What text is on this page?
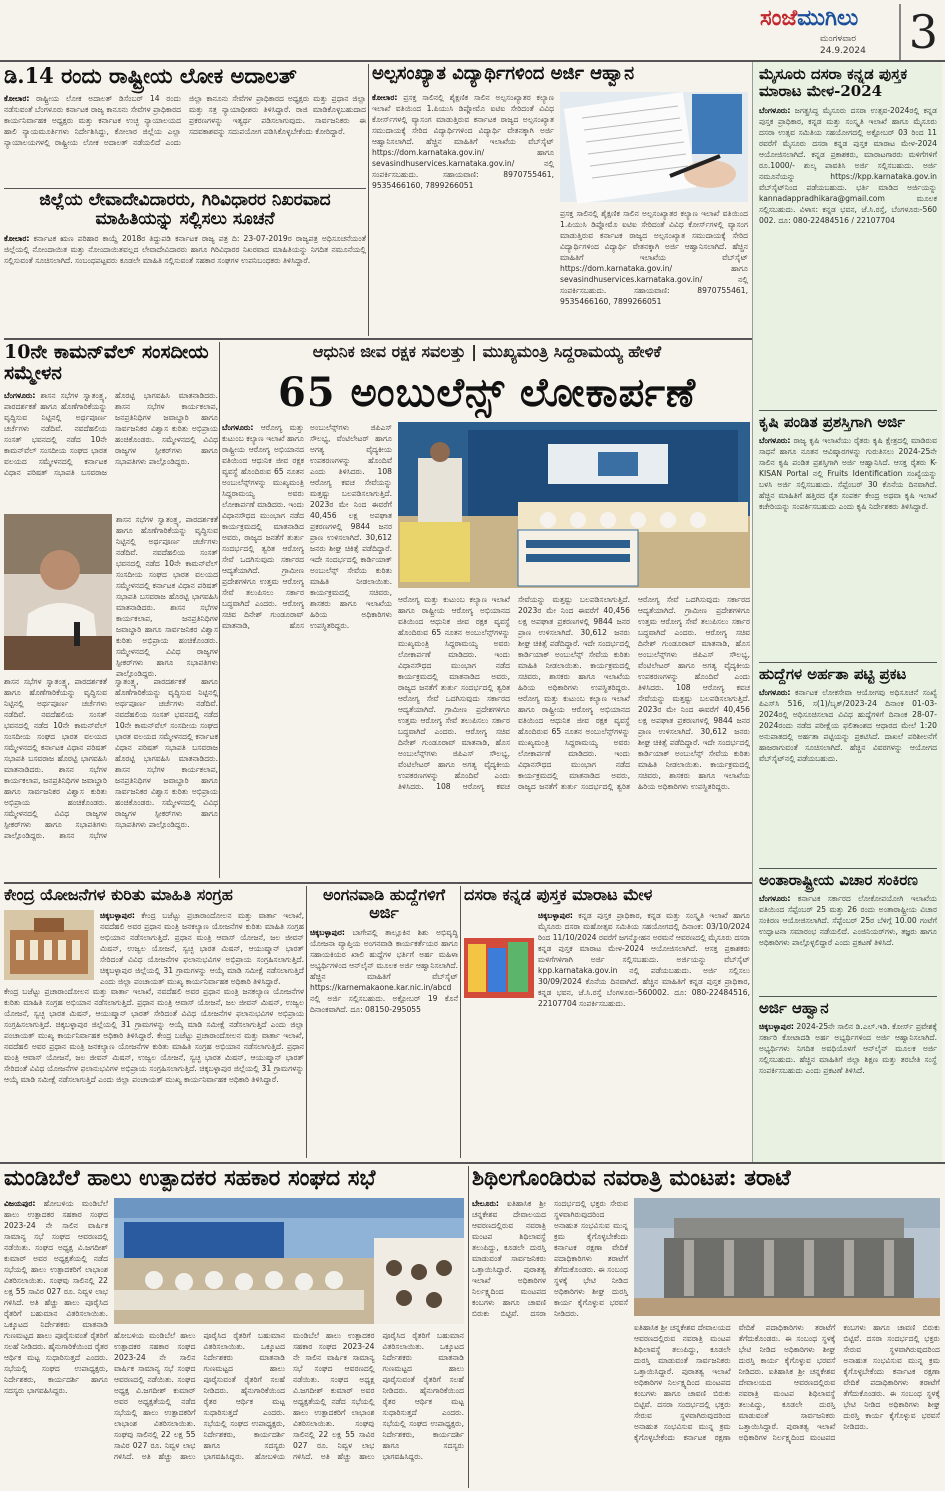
ಸಂಜೆಮುಗಿಲು
ಮಂಗಳವಾರ
24.9.2024 3
ಡಿ.14 ರಂದು ರಾಷ್ಟ್ರೀಯ ಲೋಕ ಅದಾಲತ್
ಕೋಲಾರ: ರಾಷ್ಟ್ರೀಯ ಲೋಕ ಅದಾಲತ್ ಡಿಸೆಂಬರ್ 14 ರಂದು ನಡೆಸುವಂತೆ ಬೆಂಗಳೂರು ಕರ್ನಾಟಕ ರಾಜ್ಯ ಕಾನೂನು ಸೇವೆಗಳ ಪ್ರಾಧಿಕಾರದ ಕಾರ್ಯನಿರ್ವಾಹಕ ಅಧ್ಯಕ್ಷರು ಮತ್ತು ಕರ್ನಾಟಕ ಉಚ್ಛ ನ್ಯಾಯಾಲಯದ ಹಾಲಿ ನ್ಯಾಯಮೂರ್ತಿಗಳು ನಿರ್ದೇಶಿಸಿದ್ದು, ಕೋಲಾರ ಜಿಲ್ಲೆಯ ಎಲ್ಲಾ ನ್ಯಾಯಾಲಯಗಳಲ್ಲಿ ರಾಷ್ಟ್ರೀಯ ಲೋಕ ಅದಾಲತ್ ನಡೆಯಲಿದೆ ಎಂದು ಜಿಲ್ಲಾ ಕಾನೂನು ಸೇವೆಗಳ ಪ್ರಾಧಿಕಾರದ ಅಧ್ಯಕ್ಷರು ಮತ್ತು ಪ್ರಧಾನ ಜಿಲ್ಲಾ ಮತ್ತು ಸತ್ರ ನ್ಯಾಯಾಧೀಶರು ತಿಳಿಸಿದ್ದಾರೆ. ರಾಜಿ ಮಾಡಿಕೊಳ್ಳಬಹುದಾದ ಪ್ರಕರಣಗಳನ್ನು ಇತ್ಯರ್ಥ ಪಡಿಸಲಾಗುವುದು. ಸಾರ್ವಜನಿಕರು ಈ ಸದವಕಾಶವನ್ನು ಸದುಪಯೋಗ ಪಡಿಸಿಕೊಳ್ಳಬೇಕೆಂದು ಕೋರಿದ್ದಾರೆ.
ಜಿಲ್ಲೆಯ ಲೇವಾದೇವಿದಾರರು, ಗಿರಿವಿಧಾರರ ನಿಖರವಾದ ಮಾಹಿತಿಯನ್ನು ಸಲ್ಲಿಸಲು ಸೂಚನೆ
ಕೋಲಾರ: ಕರ್ನಾಟಕ ಋಣ ಪರಿಹಾರ ಕಾಯ್ದೆ 2018ರ ತಿದ್ದುಪಡಿ ಕರ್ನಾಟಕ ರಾಜ್ಯ ಪತ್ರ ದಿ: 23-07-2019ರ ರಾಜ್ಯಪತ್ರ ಅಧಿಸೂಚನೆಯಂತೆ ಜಿಲ್ಲೆಯಲ್ಲಿ ನೋಂದಾಯಿತ ಮತ್ತು ನೋಂದಾಯಿತವಲ್ಲದ ಲೇವಾದೇವಿದಾರರು ಹಾಗೂ ಗಿರಿವಿಧಾರರ ನಿಖರವಾದ ಮಾಹಿತಿಯನ್ನು ನಿಗದಿತ ನಮೂನೆಯಲ್ಲಿ ಸಲ್ಲಿಸುವಂತೆ ಸೂಚಿಸಲಾಗಿದೆ. ಸಂಬಂಧಪಟ್ಟವರು ಕೂಡಲೇ ಮಾಹಿತಿ ಸಲ್ಲಿಸುವಂತೆ ಸಹಕಾರ ಸಂಘಗಳ ಉಪನಿಬಂಧಕರು ತಿಳಿಸಿದ್ದಾರೆ.
ಅಲ್ಪಸಂಖ್ಯಾತ ವಿದ್ಯಾರ್ಥಿಗಳಿಂದ ಅರ್ಜಿ ಆಹ್ವಾನ
ಕೋಲಾರ: ಪ್ರಸಕ್ತ ಸಾಲಿನಲ್ಲಿ ಶೈಕ್ಷಣಿಕ ಸಾಲಿನ ಅಲ್ಪಸಂಖ್ಯಾತರ ಕಲ್ಯಾಣ ಇಲಾಖೆ ವತಿಯಿಂದ 1.ಪಿಯುಸಿ ಡಿಪ್ಲೋಮೊ ಐಟಿಐ ಸೇರಿದಂತೆ ವಿವಿಧ ಕೋರ್ಸ್‌ಗಳಲ್ಲಿ ವ್ಯಾಸಂಗ ಮಾಡುತ್ತಿರುವ ಕರ್ನಾಟಕ ರಾಜ್ಯದ ಅಲ್ಪಸಂಖ್ಯಾತ ಸಮುದಾಯಕ್ಕೆ ಸೇರಿದ ವಿದ್ಯಾರ್ಥಿಗಳಿಂದ ವಿದ್ಯಾರ್ಥಿ ವೇತನಕ್ಕಾಗಿ ಅರ್ಜಿ ಆಹ್ವಾನಿಸಲಾಗಿದೆ. ಹೆಚ್ಚಿನ ಮಾಹಿತಿಗೆ ಇಲಾಖೆಯ ವೆಬ್‌ಸೈಟ್ https://dom.karnataka.gov.in/ ಹಾಗೂ sevasindhuservices.karnataka.gov.in/ ನಲ್ಲಿ ಸಂಪರ್ಕಿಸಬಹುದು. ಸಹಾಯವಾಣಿ: 8970755461, 9535466160, 7899266051
ಪ್ರಸಕ್ತ ಸಾಲಿನಲ್ಲಿ ಶೈಕ್ಷಣಿಕ ಸಾಲಿನ ಅಲ್ಪಸಂಖ್ಯಾತರ ಕಲ್ಯಾಣ ಇಲಾಖೆ ವತಿಯಿಂದ 1.ಪಿಯುಸಿ ಡಿಪ್ಲೋಮೊ ಐಟಿಐ ಸೇರಿದಂತೆ ವಿವಿಧ ಕೋರ್ಸ್‌ಗಳಲ್ಲಿ ವ್ಯಾಸಂಗ ಮಾಡುತ್ತಿರುವ ಕರ್ನಾಟಕ ರಾಜ್ಯದ ಅಲ್ಪಸಂಖ್ಯಾತ ಸಮುದಾಯಕ್ಕೆ ಸೇರಿದ ವಿದ್ಯಾರ್ಥಿಗಳಿಂದ ವಿದ್ಯಾರ್ಥಿ ವೇತನಕ್ಕಾಗಿ ಅರ್ಜಿ ಆಹ್ವಾನಿಸಲಾಗಿದೆ. ಹೆಚ್ಚಿನ ಮಾಹಿತಿಗೆ ಇಲಾಖೆಯ ವೆಬ್‌ಸೈಟ್ https://dom.karnataka.gov.in/ ಹಾಗೂ sevasindhuservices.karnataka.gov.in/ ನಲ್ಲಿ ಸಂಪರ್ಕಿಸಬಹುದು. ಸಹಾಯವಾಣಿ: 8970755461, 9535466160, 7899266051
10ನೇ ಕಾಮನ್‌ವೆಲ್ ಸಂಸದೀಯ ಸಮ್ಮೇಳನ
ಬೆಂಗಳೂರು: ಶಾಸನ ಸಭೆಗಳ ಸ್ವಾತಂತ್ರ್ಯ, ಪಾರದರ್ಶಕತೆ ಹಾಗೂ ಹೊಣೆಗಾರಿಕೆಯನ್ನು ವೃದ್ಧಿಸುವ ನಿಟ್ಟಿನಲ್ಲಿ ಅರ್ಥಪೂರ್ಣ ಚರ್ಚೆಗಳು ನಡೆದಿವೆ. ನವದೆಹಲಿಯ ಸಂಸತ್ ಭವನದಲ್ಲಿ ನಡೆದ 10ನೇ ಕಾಮನ್‌ವೆಲ್ ಸಂಸದೀಯ ಸಂಘದ ಭಾರತ ವಲಯದ ಸಮ್ಮೇಳನದಲ್ಲಿ ಕರ್ನಾಟಕ ವಿಧಾನ ಪರಿಷತ್ ಸಭಾಪತಿ ಬಸವರಾಜ ಹೊರಟ್ಟಿ ಭಾಗವಹಿಸಿ ಮಾತನಾಡಿದರು. ಶಾಸನ ಸಭೆಗಳ ಕಾರ್ಯಕಲಾಪ, ಜನಪ್ರತಿನಿಧಿಗಳ ಜವಾಬ್ದಾರಿ ಹಾಗೂ ಸಾರ್ವಜನಿಕರ ವಿಶ್ವಾಸ ಕುರಿತು ಅಭಿಪ್ರಾಯ ಹಂಚಿಕೊಂಡರು. ಸಮ್ಮೇಳನದಲ್ಲಿ ವಿವಿಧ ರಾಜ್ಯಗಳ ಸ್ಪೀಕರ್‌ಗಳು ಹಾಗೂ ಸಭಾಪತಿಗಳು ಪಾಲ್ಗೊಂಡಿದ್ದರು.
ಶಾಸನ ಸಭೆಗಳ ಸ್ವಾತಂತ್ರ್ಯ, ಪಾರದರ್ಶಕತೆ ಹಾಗೂ ಹೊಣೆಗಾರಿಕೆಯನ್ನು ವೃದ್ಧಿಸುವ ನಿಟ್ಟಿನಲ್ಲಿ ಅರ್ಥಪೂರ್ಣ ಚರ್ಚೆಗಳು ನಡೆದಿವೆ. ನವದೆಹಲಿಯ ಸಂಸತ್ ಭವನದಲ್ಲಿ ನಡೆದ 10ನೇ ಕಾಮನ್‌ವೆಲ್ ಸಂಸದೀಯ ಸಂಘದ ಭಾರತ ವಲಯದ ಸಮ್ಮೇಳನದಲ್ಲಿ ಕರ್ನಾಟಕ ವಿಧಾನ ಪರಿಷತ್ ಸಭಾಪತಿ ಬಸವರಾಜ ಹೊರಟ್ಟಿ ಭಾಗವಹಿಸಿ ಮಾತನಾಡಿದರು. ಶಾಸನ ಸಭೆಗಳ ಕಾರ್ಯಕಲಾಪ, ಜನಪ್ರತಿನಿಧಿಗಳ ಜವಾಬ್ದಾರಿ ಹಾಗೂ ಸಾರ್ವಜನಿಕರ ವಿಶ್ವಾಸ ಕುರಿತು ಅಭಿಪ್ರಾಯ ಹಂಚಿಕೊಂಡರು. ಸಮ್ಮೇಳನದಲ್ಲಿ ವಿವಿಧ ರಾಜ್ಯಗಳ ಸ್ಪೀಕರ್‌ಗಳು ಹಾಗೂ ಸಭಾಪತಿಗಳು ಪಾಲ್ಗೊಂಡಿದ್ದರು.
ಶಾಸನ ಸಭೆಗಳ ಸ್ವಾತಂತ್ರ್ಯ, ಪಾರದರ್ಶಕತೆ ಹಾಗೂ ಹೊಣೆಗಾರಿಕೆಯನ್ನು ವೃದ್ಧಿಸುವ ನಿಟ್ಟಿನಲ್ಲಿ ಅರ್ಥಪೂರ್ಣ ಚರ್ಚೆಗಳು ನಡೆದಿವೆ. ನವದೆಹಲಿಯ ಸಂಸತ್ ಭವನದಲ್ಲಿ ನಡೆದ 10ನೇ ಕಾಮನ್‌ವೆಲ್ ಸಂಸದೀಯ ಸಂಘದ ಭಾರತ ವಲಯದ ಸಮ್ಮೇಳನದಲ್ಲಿ ಕರ್ನಾಟಕ ವಿಧಾನ ಪರಿಷತ್ ಸಭಾಪತಿ ಬಸವರಾಜ ಹೊರಟ್ಟಿ ಭಾಗವಹಿಸಿ ಮಾತನಾಡಿದರು. ಶಾಸನ ಸಭೆಗಳ ಕಾರ್ಯಕಲಾಪ, ಜನಪ್ರತಿನಿಧಿಗಳ ಜವಾಬ್ದಾರಿ ಹಾಗೂ ಸಾರ್ವಜನಿಕರ ವಿಶ್ವಾಸ ಕುರಿತು ಅಭಿಪ್ರಾಯ ಹಂಚಿಕೊಂಡರು. ಸಮ್ಮೇಳನದಲ್ಲಿ ವಿವಿಧ ರಾಜ್ಯಗಳ ಸ್ಪೀಕರ್‌ಗಳು ಹಾಗೂ ಸಭಾಪತಿಗಳು ಪಾಲ್ಗೊಂಡಿದ್ದರು. ಶಾಸನ ಸಭೆಗಳ ಸ್ವಾತಂತ್ರ್ಯ, ಪಾರದರ್ಶಕತೆ ಹಾಗೂ ಹೊಣೆಗಾರಿಕೆಯನ್ನು ವೃದ್ಧಿಸುವ ನಿಟ್ಟಿನಲ್ಲಿ ಅರ್ಥಪೂರ್ಣ ಚರ್ಚೆಗಳು ನಡೆದಿವೆ. ನವದೆಹಲಿಯ ಸಂಸತ್ ಭವನದಲ್ಲಿ ನಡೆದ 10ನೇ ಕಾಮನ್‌ವೆಲ್ ಸಂಸದೀಯ ಸಂಘದ ಭಾರತ ವಲಯದ ಸಮ್ಮೇಳನದಲ್ಲಿ ಕರ್ನಾಟಕ ವಿಧಾನ ಪರಿಷತ್ ಸಭಾಪತಿ ಬಸವರಾಜ ಹೊರಟ್ಟಿ ಭಾಗವಹಿಸಿ ಮಾತನಾಡಿದರು. ಶಾಸನ ಸಭೆಗಳ ಕಾರ್ಯಕಲಾಪ, ಜನಪ್ರತಿನಿಧಿಗಳ ಜವಾಬ್ದಾರಿ ಹಾಗೂ ಸಾರ್ವಜನಿಕರ ವಿಶ್ವಾಸ ಕುರಿತು ಅಭಿಪ್ರಾಯ ಹಂಚಿಕೊಂಡರು. ಸಮ್ಮೇಳನದಲ್ಲಿ ವಿವಿಧ ರಾಜ್ಯಗಳ ಸ್ಪೀಕರ್‌ಗಳು ಹಾಗೂ ಸಭಾಪತಿಗಳು ಪಾಲ್ಗೊಂಡಿದ್ದರು.
ಆಧುನಿಕ ಜೀವ ರಕ್ಷಕ ಸವಲತ್ತು | ಮುಖ್ಯಮಂತ್ರಿ ಸಿದ್ದರಾಮಯ್ಯ ಹೇಳಿಕೆ
65 ಅಂಬುಲೆನ್ಸ್ ಲೋಕಾರ್ಪಣೆ
ಬೆಂಗಳೂರು: ಆರೋಗ್ಯ ಮತ್ತು ಕುಟುಂಬ ಕಲ್ಯಾಣ ಇಲಾಖೆ ಹಾಗೂ ರಾಷ್ಟ್ರೀಯ ಆರೋಗ್ಯ ಅಭಿಯಾನದ ವತಿಯಿಂದ ಆಧುನಿಕ ಜೀವ ರಕ್ಷಕ ವ್ಯವಸ್ಥೆ ಹೊಂದಿರುವ 65 ನೂತನ ಅಂಬುಲೆನ್ಸ್‌ಗಳನ್ನು ಮುಖ್ಯಮಂತ್ರಿ ಸಿದ್ದರಾಮಯ್ಯ ಅವರು ಲೋಕಾರ್ಪಣೆ ಮಾಡಿದರು. ಇಂದು ವಿಧಾನಸೌಧದ ಮುಂಭಾಗ ನಡೆದ ಕಾರ್ಯಕ್ರಮದಲ್ಲಿ ಮಾತನಾಡಿದ ಅವರು, ರಾಜ್ಯದ ಜನತೆಗೆ ತುರ್ತು ಸಂದರ್ಭದಲ್ಲಿ ತ್ವರಿತ ಆರೋಗ್ಯ ಸೇವೆ ಒದಗಿಸುವುದು ಸರ್ಕಾರದ ಆದ್ಯತೆಯಾಗಿದೆ. ಗ್ರಾಮೀಣ ಪ್ರದೇಶಗಳಿಗೂ ಉತ್ತಮ ಆರೋಗ್ಯ ಸೇವೆ ತಲುಪಿಸಲು ಸರ್ಕಾರ ಬದ್ಧವಾಗಿದೆ ಎಂದರು. ಆರೋಗ್ಯ ಸಚಿವ ದಿನೇಶ್ ಗುಂಡೂರಾವ್ ಮಾತನಾಡಿ, ಹೊಸ ಅಂಬುಲೆನ್ಸ್‌ಗಳು ಜಿಪಿಎಸ್ ಸೌಲಭ್ಯ, ವೆಂಟಿಲೇಟರ್ ಹಾಗೂ ಅಗತ್ಯ ವೈದ್ಯಕೀಯ ಉಪಕರಣಗಳನ್ನು ಹೊಂದಿವೆ ಎಂದು ತಿಳಿಸಿದರು. 108 ಆರೋಗ್ಯ ಕವಚ ಸೇವೆಯನ್ನು ಮತ್ತಷ್ಟು ಬಲಪಡಿಸಲಾಗುತ್ತಿದೆ. 2023ರ ಮೇ ನಿಂದ ಈವರೆಗೆ 40,456 ಲಕ್ಷ ಅಪಘಾತ ಪ್ರಕರಣಗಳಲ್ಲಿ 9844 ಜನರ ಪ್ರಾಣ ಉಳಿಸಲಾಗಿದೆ. 30,612 ಜನರು ಶೀಘ್ರ ಚಿಕಿತ್ಸೆ ಪಡೆದಿದ್ದಾರೆ. ಇದೇ ಸಂದರ್ಭದಲ್ಲಿ ಕಾರ್ಡಿಯಾಕ್ ಅಂಬುಲೆನ್ಸ್ ಸೇವೆಯ ಕುರಿತು ಮಾಹಿತಿ ನೀಡಲಾಯಿತು. ಕಾರ್ಯಕ್ರಮದಲ್ಲಿ ಸಚಿವರು, ಶಾಸಕರು ಹಾಗೂ ಇಲಾಖೆಯ ಹಿರಿಯ ಅಧಿಕಾರಿಗಳು ಉಪಸ್ಥಿತರಿದ್ದರು.
ಆರೋಗ್ಯ ಮತ್ತು ಕುಟುಂಬ ಕಲ್ಯಾಣ ಇಲಾಖೆ ಹಾಗೂ ರಾಷ್ಟ್ರೀಯ ಆರೋಗ್ಯ ಅಭಿಯಾನದ ವತಿಯಿಂದ ಆಧುನಿಕ ಜೀವ ರಕ್ಷಕ ವ್ಯವಸ್ಥೆ ಹೊಂದಿರುವ 65 ನೂತನ ಅಂಬುಲೆನ್ಸ್‌ಗಳನ್ನು ಮುಖ್ಯಮಂತ್ರಿ ಸಿದ್ದರಾಮಯ್ಯ ಅವರು ಲೋಕಾರ್ಪಣೆ ಮಾಡಿದರು. ಇಂದು ವಿಧಾನಸೌಧದ ಮುಂಭಾಗ ನಡೆದ ಕಾರ್ಯಕ್ರಮದಲ್ಲಿ ಮಾತನಾಡಿದ ಅವರು, ರಾಜ್ಯದ ಜನತೆಗೆ ತುರ್ತು ಸಂದರ್ಭದಲ್ಲಿ ತ್ವರಿತ ಆರೋಗ್ಯ ಸೇವೆ ಒದಗಿಸುವುದು ಸರ್ಕಾರದ ಆದ್ಯತೆಯಾಗಿದೆ. ಗ್ರಾಮೀಣ ಪ್ರದೇಶಗಳಿಗೂ ಉತ್ತಮ ಆರೋಗ್ಯ ಸೇವೆ ತಲುಪಿಸಲು ಸರ್ಕಾರ ಬದ್ಧವಾಗಿದೆ ಎಂದರು. ಆರೋಗ್ಯ ಸಚಿವ ದಿನೇಶ್ ಗುಂಡೂರಾವ್ ಮಾತನಾಡಿ, ಹೊಸ ಅಂಬುಲೆನ್ಸ್‌ಗಳು ಜಿಪಿಎಸ್ ಸೌಲಭ್ಯ, ವೆಂಟಿಲೇಟರ್ ಹಾಗೂ ಅಗತ್ಯ ವೈದ್ಯಕೀಯ ಉಪಕರಣಗಳನ್ನು ಹೊಂದಿವೆ ಎಂದು ತಿಳಿಸಿದರು. 108 ಆರೋಗ್ಯ ಕವಚ ಸೇವೆಯನ್ನು ಮತ್ತಷ್ಟು ಬಲಪಡಿಸಲಾಗುತ್ತಿದೆ. 2023ರ ಮೇ ನಿಂದ ಈವರೆಗೆ 40,456 ಲಕ್ಷ ಅಪಘಾತ ಪ್ರಕರಣಗಳಲ್ಲಿ 9844 ಜನರ ಪ್ರಾಣ ಉಳಿಸಲಾಗಿದೆ. 30,612 ಜನರು ಶೀಘ್ರ ಚಿಕಿತ್ಸೆ ಪಡೆದಿದ್ದಾರೆ. ಇದೇ ಸಂದರ್ಭದಲ್ಲಿ ಕಾರ್ಡಿಯಾಕ್ ಅಂಬುಲೆನ್ಸ್ ಸೇವೆಯ ಕುರಿತು ಮಾಹಿತಿ ನೀಡಲಾಯಿತು. ಕಾರ್ಯಕ್ರಮದಲ್ಲಿ ಸಚಿವರು, ಶಾಸಕರು ಹಾಗೂ ಇಲಾಖೆಯ ಹಿರಿಯ ಅಧಿಕಾರಿಗಳು ಉಪಸ್ಥಿತರಿದ್ದರು. ಆರೋಗ್ಯ ಮತ್ತು ಕುಟುಂಬ ಕಲ್ಯಾಣ ಇಲಾಖೆ ಹಾಗೂ ರಾಷ್ಟ್ರೀಯ ಆರೋಗ್ಯ ಅಭಿಯಾನದ ವತಿಯಿಂದ ಆಧುನಿಕ ಜೀವ ರಕ್ಷಕ ವ್ಯವಸ್ಥೆ ಹೊಂದಿರುವ 65 ನೂತನ ಅಂಬುಲೆನ್ಸ್‌ಗಳನ್ನು ಮುಖ್ಯಮಂತ್ರಿ ಸಿದ್ದರಾಮಯ್ಯ ಅವರು ಲೋಕಾರ್ಪಣೆ ಮಾಡಿದರು. ಇಂದು ವಿಧಾನಸೌಧದ ಮುಂಭಾಗ ನಡೆದ ಕಾರ್ಯಕ್ರಮದಲ್ಲಿ ಮಾತನಾಡಿದ ಅವರು, ರಾಜ್ಯದ ಜನತೆಗೆ ತುರ್ತು ಸಂದರ್ಭದಲ್ಲಿ ತ್ವರಿತ ಆರೋಗ್ಯ ಸೇವೆ ಒದಗಿಸುವುದು ಸರ್ಕಾರದ ಆದ್ಯತೆಯಾಗಿದೆ. ಗ್ರಾಮೀಣ ಪ್ರದೇಶಗಳಿಗೂ ಉತ್ತಮ ಆರೋಗ್ಯ ಸೇವೆ ತಲುಪಿಸಲು ಸರ್ಕಾರ ಬದ್ಧವಾಗಿದೆ ಎಂದರು. ಆರೋಗ್ಯ ಸಚಿವ ದಿನೇಶ್ ಗುಂಡೂರಾವ್ ಮಾತನಾಡಿ, ಹೊಸ ಅಂಬುಲೆನ್ಸ್‌ಗಳು ಜಿಪಿಎಸ್ ಸೌಲಭ್ಯ, ವೆಂಟಿಲೇಟರ್ ಹಾಗೂ ಅಗತ್ಯ ವೈದ್ಯಕೀಯ ಉಪಕರಣಗಳನ್ನು ಹೊಂದಿವೆ ಎಂದು ತಿಳಿಸಿದರು. 108 ಆರೋಗ್ಯ ಕವಚ ಸೇವೆಯನ್ನು ಮತ್ತಷ್ಟು ಬಲಪಡಿಸಲಾಗುತ್ತಿದೆ. 2023ರ ಮೇ ನಿಂದ ಈವರೆಗೆ 40,456 ಲಕ್ಷ ಅಪಘಾತ ಪ್ರಕರಣಗಳಲ್ಲಿ 9844 ಜನರ ಪ್ರಾಣ ಉಳಿಸಲಾಗಿದೆ. 30,612 ಜನರು ಶೀಘ್ರ ಚಿಕಿತ್ಸೆ ಪಡೆದಿದ್ದಾರೆ. ಇದೇ ಸಂದರ್ಭದಲ್ಲಿ ಕಾರ್ಡಿಯಾಕ್ ಅಂಬುಲೆನ್ಸ್ ಸೇವೆಯ ಕುರಿತು ಮಾಹಿತಿ ನೀಡಲಾಯಿತು. ಕಾರ್ಯಕ್ರಮದಲ್ಲಿ ಸಚಿವರು, ಶಾಸಕರು ಹಾಗೂ ಇಲಾಖೆಯ ಹಿರಿಯ ಅಧಿಕಾರಿಗಳು ಉಪಸ್ಥಿತರಿದ್ದರು.
ಕೇಂದ್ರ ಯೋಜನೆಗಳ ಕುರಿತು ಮಾಹಿತಿ ಸಂಗ್ರಹ
ಚಿಕ್ಕಬಳ್ಳಾಪುರ: ಕೇಂದ್ರ ಬಜೆಟ್ಟು ಪ್ರಚಾರಾಂದೋಲನ ಮತ್ತು ವಾರ್ತಾ ಇಲಾಖೆ, ನವದೆಹಲಿ ಅವರ ಪ್ರಧಾನ ಮಂತ್ರಿ ಜನಕಲ್ಯಾಣ ಯೋಜನೆಗಳ ಕುರಿತು ಮಾಹಿತಿ ಸಂಗ್ರಹ ಅಭಿಯಾನ ನಡೆಸಲಾಗುತ್ತಿದೆ. ಪ್ರಧಾನ ಮಂತ್ರಿ ಆವಾಸ್ ಯೋಜನೆ, ಜಲ ಜೀವನ್ ಮಿಷನ್, ಉಜ್ವಲ ಯೋಜನೆ, ಸ್ವಚ್ಛ ಭಾರತ ಮಿಷನ್, ಆಯುಷ್ಮಾನ್ ಭಾರತ್ ಸೇರಿದಂತೆ ವಿವಿಧ ಯೋಜನೆಗಳ ಫಲಾನುಭವಿಗಳ ಅಭಿಪ್ರಾಯ ಸಂಗ್ರಹಿಸಲಾಗುತ್ತಿದೆ. ಚಿಕ್ಕಬಳ್ಳಾಪುರ ಜಿಲ್ಲೆಯಲ್ಲಿ 31 ಗ್ರಾಮಗಳನ್ನು ಆಯ್ಕೆ ಮಾಡಿ ಸಮೀಕ್ಷೆ ನಡೆಸಲಾಗುತ್ತಿದೆ ಎಂದು ಜಿಲ್ಲಾ ಪಂಚಾಯತ್ ಮುಖ್ಯ ಕಾರ್ಯನಿರ್ವಾಹಕ ಅಧಿಕಾರಿ ತಿಳಿಸಿದ್ದಾರೆ.
ಕೇಂದ್ರ ಬಜೆಟ್ಟು ಪ್ರಚಾರಾಂದೋಲನ ಮತ್ತು ವಾರ್ತಾ ಇಲಾಖೆ, ನವದೆಹಲಿ ಅವರ ಪ್ರಧಾನ ಮಂತ್ರಿ ಜನಕಲ್ಯಾಣ ಯೋಜನೆಗಳ ಕುರಿತು ಮಾಹಿತಿ ಸಂಗ್ರಹ ಅಭಿಯಾನ ನಡೆಸಲಾಗುತ್ತಿದೆ. ಪ್ರಧಾನ ಮಂತ್ರಿ ಆವಾಸ್ ಯೋಜನೆ, ಜಲ ಜೀವನ್ ಮಿಷನ್, ಉಜ್ವಲ ಯೋಜನೆ, ಸ್ವಚ್ಛ ಭಾರತ ಮಿಷನ್, ಆಯುಷ್ಮಾನ್ ಭಾರತ್ ಸೇರಿದಂತೆ ವಿವಿಧ ಯೋಜನೆಗಳ ಫಲಾನುಭವಿಗಳ ಅಭಿಪ್ರಾಯ ಸಂಗ್ರಹಿಸಲಾಗುತ್ತಿದೆ. ಚಿಕ್ಕಬಳ್ಳಾಪುರ ಜಿಲ್ಲೆಯಲ್ಲಿ 31 ಗ್ರಾಮಗಳನ್ನು ಆಯ್ಕೆ ಮಾಡಿ ಸಮೀಕ್ಷೆ ನಡೆಸಲಾಗುತ್ತಿದೆ ಎಂದು ಜಿಲ್ಲಾ ಪಂಚಾಯತ್ ಮುಖ್ಯ ಕಾರ್ಯನಿರ್ವಾಹಕ ಅಧಿಕಾರಿ ತಿಳಿಸಿದ್ದಾರೆ. ಕೇಂದ್ರ ಬಜೆಟ್ಟು ಪ್ರಚಾರಾಂದೋಲನ ಮತ್ತು ವಾರ್ತಾ ಇಲಾಖೆ, ನವದೆಹಲಿ ಅವರ ಪ್ರಧಾನ ಮಂತ್ರಿ ಜನಕಲ್ಯಾಣ ಯೋಜನೆಗಳ ಕುರಿತು ಮಾಹಿತಿ ಸಂಗ್ರಹ ಅಭಿಯಾನ ನಡೆಸಲಾಗುತ್ತಿದೆ. ಪ್ರಧಾನ ಮಂತ್ರಿ ಆವಾಸ್ ಯೋಜನೆ, ಜಲ ಜೀವನ್ ಮಿಷನ್, ಉಜ್ವಲ ಯೋಜನೆ, ಸ್ವಚ್ಛ ಭಾರತ ಮಿಷನ್, ಆಯುಷ್ಮಾನ್ ಭಾರತ್ ಸೇರಿದಂತೆ ವಿವಿಧ ಯೋಜನೆಗಳ ಫಲಾನುಭವಿಗಳ ಅಭಿಪ್ರಾಯ ಸಂಗ್ರಹಿಸಲಾಗುತ್ತಿದೆ. ಚಿಕ್ಕಬಳ್ಳಾಪುರ ಜಿಲ್ಲೆಯಲ್ಲಿ 31 ಗ್ರಾಮಗಳನ್ನು ಆಯ್ಕೆ ಮಾಡಿ ಸಮೀಕ್ಷೆ ನಡೆಸಲಾಗುತ್ತಿದೆ ಎಂದು ಜಿಲ್ಲಾ ಪಂಚಾಯತ್ ಮುಖ್ಯ ಕಾರ್ಯನಿರ್ವಾಹಕ ಅಧಿಕಾರಿ ತಿಳಿಸಿದ್ದಾರೆ.
ಅಂಗನವಾಡಿ ಹುದ್ದೆಗಳಿಗೆ ಅರ್ಜಿ
ಚಿಕ್ಕಬಳ್ಳಾಪುರ: ಬಾಗೇಪಲ್ಲಿ ತಾಲ್ಲೂಕಿನ ಶಿಶು ಅಭಿವೃದ್ಧಿ ಯೋಜನಾ ವ್ಯಾಪ್ತಿಯ ಅಂಗನವಾಡಿ ಕಾರ್ಯಕರ್ತೆಯರ ಹಾಗೂ ಸಹಾಯಕಿಯರ ಖಾಲಿ ಹುದ್ದೆಗಳ ಭರ್ತಿಗೆ ಅರ್ಹ ಮಹಿಳಾ ಅಭ್ಯರ್ಥಿಗಳಿಂದ ಆನ್‌ಲೈನ್ ಮೂಲಕ ಅರ್ಜಿ ಆಹ್ವಾನಿಸಲಾಗಿದೆ. ಹೆಚ್ಚಿನ ಮಾಹಿತಿಗೆ ವೆಬ್‌ಸೈಟ್ https://karnemakaone.kar.nic.in/abcd ನಲ್ಲಿ ಅರ್ಜಿ ಸಲ್ಲಿಸಬಹುದು. ಅಕ್ಟೋಬರ್ 19 ಕೊನೆ ದಿನಾಂಕವಾಗಿದೆ. ದೂ: 08150-295055
ದಸರಾ ಕನ್ನಡ ಪುಸ್ತಕ ಮಾರಾಟ ಮೇಳ
ಚಿಕ್ಕಬಳ್ಳಾಪುರ: ಕನ್ನಡ ಪುಸ್ತಕ ಪ್ರಾಧಿಕಾರ, ಕನ್ನಡ ಮತ್ತು ಸಂಸ್ಕೃತಿ ಇಲಾಖೆ ಹಾಗೂ ಮೈಸೂರು ದಸರಾ ಮಹೋತ್ಸವ ಸಮಿತಿಯ ಸಹಯೋಗದಲ್ಲಿ ದಿನಾಂಕ: 03/10/2024 ರಿಂದ 11/10/2024 ರವರೆಗೆ ಜಗನ್ಮೋಹನ ಅರಮನೆ ಆವರಣದಲ್ಲಿ ಮೈಸೂರು ದಸರಾ ಕನ್ನಡ ಪುಸ್ತಕ ಮಾರಾಟ ಮೇಳ-2024 ಆಯೋಜಿಸಲಾಗಿದೆ. ಆಸಕ್ತ ಪ್ರಕಾಶಕರು ಮಳಿಗೆಗಳಿಗಾಗಿ ಅರ್ಜಿ ಸಲ್ಲಿಸಬಹುದು. ಅರ್ಜಿಯನ್ನು ವೆಬ್‌ಸೈಟ್ kpp.karnataka.gov.in ನಲ್ಲಿ ಪಡೆಯಬಹುದು. ಅರ್ಜಿ ಸಲ್ಲಿಸಲು 30/09/2024 ಕೊನೆಯ ದಿನವಾಗಿದೆ. ಹೆಚ್ಚಿನ ಮಾಹಿತಿಗೆ ಕನ್ನಡ ಪುಸ್ತಕ ಪ್ರಾಧಿಕಾರ, ಕನ್ನಡ ಭವನ, ಜೆ.ಸಿ.ರಸ್ತೆ ಬೆಂಗಳೂರು-560002. ದೂ: 080-22484516, 22107704 ಸಂಪರ್ಕಿಸಬಹುದು.
ಮೈಸೂರು ದಸರಾ ಕನ್ನಡ ಪುಸ್ತಕ ಮಾರಾಟ ಮೇಳ-2024
ಬೆಂಗಳೂರು: ಜಗತ್ಪ್ರಸಿದ್ಧ ಮೈಸೂರು ದಸರಾ ಉತ್ಸವ-2024ರಲ್ಲಿ ಕನ್ನಡ ಪುಸ್ತಕ ಪ್ರಾಧಿಕಾರ, ಕನ್ನಡ ಮತ್ತು ಸಂಸ್ಕೃತಿ ಇಲಾಖೆ ಹಾಗೂ ಮೈಸೂರು ದಸರಾ ಉತ್ಸವ ಸಮಿತಿಯ ಸಹಯೋಗದಲ್ಲಿ ಅಕ್ಟೋಬರ್ 03 ರಿಂದ 11 ರವರೆಗೆ ಮೈಸೂರು ದಸರಾ ಕನ್ನಡ ಪುಸ್ತಕ ಮಾರಾಟ ಮೇಳ-2024 ಆಯೋಜಿಸಲಾಗಿದೆ. ಕನ್ನಡ ಪ್ರಕಾಶಕರು, ಮಾರಾಟಗಾರರು ಮಳಿಗೆಗಳಿಗೆ ರೂ.1000/- ಶುಲ್ಕ ಪಾವತಿಸಿ ಅರ್ಜಿ ಸಲ್ಲಿಸಬಹುದು. ಅರ್ಜಿ ನಮೂನೆಯನ್ನು https://kpp.karnataka.gov.in ವೆಬ್‌ಸೈಟ್‌ನಿಂದ ಪಡೆಯಬಹುದು. ಭರ್ತಿ ಮಾಡಿದ ಅರ್ಜಿಯನ್ನು kannadappradhikara@gmail.com ಮೂಲಕ ಸಲ್ಲಿಸಬಹುದು. ವಿಳಾಸ: ಕನ್ನಡ ಭವನ, ಜೆ.ಸಿ.ರಸ್ತೆ, ಬೆಂಗಳೂರು-560 002. ದೂ: 080-22484516 / 22107704
ಕೃಷಿ ಪಂಡಿತ ಪ್ರಶಸ್ತಿಗಾಗಿ ಅರ್ಜಿ
ಬೆಂಗಳೂರು: ರಾಜ್ಯ ಕೃಷಿ ಇಲಾಖೆಯು ರೈತರು ಕೃಷಿ ಕ್ಷೇತ್ರದಲ್ಲಿ ಮಾಡಿರುವ ಸಾಧನೆ ಹಾಗೂ ನೂತನ ಆವಿಷ್ಕಾರಗಳನ್ನು ಗುರುತಿಸಲು 2024-25ನೇ ಸಾಲಿನ ಕೃಷಿ ಪಂಡಿತ ಪ್ರಶಸ್ತಿಗಾಗಿ ಅರ್ಜಿ ಆಹ್ವಾನಿಸಿದೆ. ಆಸಕ್ತ ರೈತರು K-KISAN Portal ನಲ್ಲಿ Fruits Identification ಸಂಖ್ಯೆಯನ್ನು ಬಳಸಿ ಅರ್ಜಿ ಸಲ್ಲಿಸಬಹುದು. ಸೆಪ್ಟೆಂಬರ್ 30 ಕೊನೆಯ ದಿನವಾಗಿದೆ. ಹೆಚ್ಚಿನ ಮಾಹಿತಿಗೆ ಹತ್ತಿರದ ರೈತ ಸಂಪರ್ಕ ಕೇಂದ್ರ ಅಥವಾ ಕೃಷಿ ಇಲಾಖೆ ಕಚೇರಿಯನ್ನು ಸಂಪರ್ಕಿಸಬಹುದು ಎಂದು ಕೃಷಿ ನಿರ್ದೇಶಕರು ತಿಳಿಸಿದ್ದಾರೆ.
ಹುದ್ದೆಗಳ ಅರ್ಹತಾ ಪಟ್ಟಿ ಪ್ರಕಟ
ಬೆಂಗಳೂರು: ಕರ್ನಾಟಕ ಲೋಕಸೇವಾ ಆಯೋಗವು ಅಧಿಸೂಚನೆ ಸಂಖ್ಯೆ ಪಿಎಸ್‌ಸಿ 516, ಸ(1)/ಬೃಕ್/2023-24 ದಿನಾಂಕ 01-03-2024ರಲ್ಲಿ ಅಧಿಸೂಚಿಸಲಾದ ವಿವಿಧ ಹುದ್ದೆಗಳಿಗೆ ದಿನಾಂಕ 28-07-2024ರಂದು ನಡೆದ ಪರೀಕ್ಷೆಯ ಫಲಿತಾಂಶದ ಆಧಾರದ ಮೇಲೆ 1:20 ಅನುಪಾತದಲ್ಲಿ ಅರ್ಹತಾ ಪಟ್ಟಿಯನ್ನು ಪ್ರಕಟಿಸಿದೆ. ದಾಖಲೆ ಪರಿಶೀಲನೆಗೆ ಹಾಜರಾಗುವಂತೆ ಸೂಚಿಸಲಾಗಿದೆ. ಹೆಚ್ಚಿನ ವಿವರಗಳನ್ನು ಆಯೋಗದ ವೆಬ್‌ಸೈಟ್‌ನಲ್ಲಿ ಪಡೆಯಬಹುದು.
ಅಂತಾರಾಷ್ಟ್ರೀಯ ವಿಚಾರ ಸಂಕಿರಣ
ಬೆಂಗಳೂರು: ಕರ್ನಾಟಕ ಸರ್ಕಾರದ ಲೋಕೋಪಯೋಗಿ ಇಲಾಖೆಯ ವತಿಯಿಂದ ಸೆಪ್ಟೆಂಬರ್ 25 ಮತ್ತು 26 ರಂದು ಅಂತಾರಾಷ್ಟ್ರೀಯ ವಿಚಾರ ಸಂಕಿರಣ ಆಯೋಜಿಸಲಾಗಿದೆ. ಸೆಪ್ಟೆಂಬರ್ 25ರ ಬೆಳಿಗ್ಗೆ 10.00 ಗಂಟೆಗೆ ಉದ್ಘಾಟನಾ ಸಮಾರಂಭ ನಡೆಯಲಿದೆ. ಎಂಜಿನಿಯರ್‌ಗಳು, ತಜ್ಞರು ಹಾಗೂ ಅಧಿಕಾರಿಗಳು ಪಾಲ್ಗೊಳ್ಳಲಿದ್ದಾರೆ ಎಂದು ಪ್ರಕಟಣೆ ತಿಳಿಸಿದೆ.
ಅರ್ಜಿ ಆಹ್ವಾನ
ಚಿಕ್ಕಬಳ್ಳಾಪುರ: 2024-25ನೇ ಸಾಲಿನ ಡಿ.ಎಲ್.ಇಡಿ. ಕೋರ್ಸ್ ಪ್ರವೇಶಕ್ಕೆ ಸರ್ಕಾರಿ ಕೋಟಾದಡಿ ಅರ್ಹ ಅಭ್ಯರ್ಥಿಗಳಿಂದ ಅರ್ಜಿ ಆಹ್ವಾನಿಸಲಾಗಿದೆ. ಅಭ್ಯರ್ಥಿಗಳು ನಿಗದಿತ ಅವಧಿಯೊಳಗೆ ಆನ್‌ಲೈನ್ ಮೂಲಕ ಅರ್ಜಿ ಸಲ್ಲಿಸಬಹುದು. ಹೆಚ್ಚಿನ ಮಾಹಿತಿಗೆ ಜಿಲ್ಲಾ ಶಿಕ್ಷಣ ಮತ್ತು ತರಬೇತಿ ಸಂಸ್ಥೆ ಸಂಪರ್ಕಿಸಬಹುದು ಎಂದು ಪ್ರಕಟಣೆ ತಿಳಿಸಿದೆ.
ಮಂಡಿಬೆಲೆ ಹಾಲು ಉತ್ಪಾದಕರ ಸಹಕಾರ ಸಂಘದ ಸಭೆ
ವಿಜಯಪುರ: ಹೋಬಳಿಯ ಮಂಡಿಬೆಲೆ ಹಾಲು ಉತ್ಪಾದಕರ ಸಹಕಾರ ಸಂಘದ 2023-24 ನೇ ಸಾಲಿನ ವಾರ್ಷಿಕ ಸಾಮಾನ್ಯ ಸಭೆ ಸಂಘದ ಆವರಣದಲ್ಲಿ ನಡೆಯಿತು. ಸಂಘದ ಅಧ್ಯಕ್ಷ ವಿ.ಜಗದೀಶ್ ಕುಮಾರ್ ಅವರ ಅಧ್ಯಕ್ಷತೆಯಲ್ಲಿ ನಡೆದ ಸಭೆಯಲ್ಲಿ ಹಾಲು ಉತ್ಪಾದಕರಿಗೆ ಲಾಭಾಂಶ ವಿತರಿಸಲಾಯಿತು. ಸಂಘವು ಸಾಲಿನಲ್ಲಿ 22 ಲಕ್ಷ 55 ಸಾವಿರ 027 ರೂ. ನಿವ್ವಳ ಲಾಭ ಗಳಿಸಿದೆ. ಅತಿ ಹೆಚ್ಚು ಹಾಲು ಪೂರೈಸಿದ ರೈತರಿಗೆ ಬಹುಮಾನ ವಿತರಿಸಲಾಯಿತು. ಒಕ್ಕೂಟದ ನಿರ್ದೇಶಕರು ಮಾತನಾಡಿ ಗುಣಮಟ್ಟದ ಹಾಲು ಪೂರೈಸುವಂತೆ ರೈತರಿಗೆ ಸಲಹೆ ನೀಡಿದರು. ಹೈನುಗಾರಿಕೆಯಿಂದ ರೈತರ ಆರ್ಥಿಕ ಮಟ್ಟ ಸುಧಾರಿಸುತ್ತದೆ ಎಂದರು. ಸಭೆಯಲ್ಲಿ ಸಂಘದ ಉಪಾಧ್ಯಕ್ಷರು, ನಿರ್ದೇಶಕರು, ಕಾರ್ಯದರ್ಶಿ ಹಾಗೂ ಸದಸ್ಯರು ಭಾಗವಹಿಸಿದ್ದರು.
ಹೋಬಳಿಯ ಮಂಡಿಬೆಲೆ ಹಾಲು ಉತ್ಪಾದಕರ ಸಹಕಾರ ಸಂಘದ 2023-24 ನೇ ಸಾಲಿನ ವಾರ್ಷಿಕ ಸಾಮಾನ್ಯ ಸಭೆ ಸಂಘದ ಆವರಣದಲ್ಲಿ ನಡೆಯಿತು. ಸಂಘದ ಅಧ್ಯಕ್ಷ ವಿ.ಜಗದೀಶ್ ಕುಮಾರ್ ಅವರ ಅಧ್ಯಕ್ಷತೆಯಲ್ಲಿ ನಡೆದ ಸಭೆಯಲ್ಲಿ ಹಾಲು ಉತ್ಪಾದಕರಿಗೆ ಲಾಭಾಂಶ ವಿತರಿಸಲಾಯಿತು. ಸಂಘವು ಸಾಲಿನಲ್ಲಿ 22 ಲಕ್ಷ 55 ಸಾವಿರ 027 ರೂ. ನಿವ್ವಳ ಲಾಭ ಗಳಿಸಿದೆ. ಅತಿ ಹೆಚ್ಚು ಹಾಲು ಪೂರೈಸಿದ ರೈತರಿಗೆ ಬಹುಮಾನ ವಿತರಿಸಲಾಯಿತು. ಒಕ್ಕೂಟದ ನಿರ್ದೇಶಕರು ಮಾತನಾಡಿ ಗುಣಮಟ್ಟದ ಹಾಲು ಪೂರೈಸುವಂತೆ ರೈತರಿಗೆ ಸಲಹೆ ನೀಡಿದರು. ಹೈನುಗಾರಿಕೆಯಿಂದ ರೈತರ ಆರ್ಥಿಕ ಮಟ್ಟ ಸುಧಾರಿಸುತ್ತದೆ ಎಂದರು. ಸಭೆಯಲ್ಲಿ ಸಂಘದ ಉಪಾಧ್ಯಕ್ಷರು, ನಿರ್ದೇಶಕರು, ಕಾರ್ಯದರ್ಶಿ ಹಾಗೂ ಸದಸ್ಯರು ಭಾಗವಹಿಸಿದ್ದರು. ಹೋಬಳಿಯ ಮಂಡಿಬೆಲೆ ಹಾಲು ಉತ್ಪಾದಕರ ಸಹಕಾರ ಸಂಘದ 2023-24 ನೇ ಸಾಲಿನ ವಾರ್ಷಿಕ ಸಾಮಾನ್ಯ ಸಭೆ ಸಂಘದ ಆವರಣದಲ್ಲಿ ನಡೆಯಿತು. ಸಂಘದ ಅಧ್ಯಕ್ಷ ವಿ.ಜಗದೀಶ್ ಕುಮಾರ್ ಅವರ ಅಧ್ಯಕ್ಷತೆಯಲ್ಲಿ ನಡೆದ ಸಭೆಯಲ್ಲಿ ಹಾಲು ಉತ್ಪಾದಕರಿಗೆ ಲಾಭಾಂಶ ವಿತರಿಸಲಾಯಿತು. ಸಂಘವು ಸಾಲಿನಲ್ಲಿ 22 ಲಕ್ಷ 55 ಸಾವಿರ 027 ರೂ. ನಿವ್ವಳ ಲಾಭ ಗಳಿಸಿದೆ. ಅತಿ ಹೆಚ್ಚು ಹಾಲು ಪೂರೈಸಿದ ರೈತರಿಗೆ ಬಹುಮಾನ ವಿತರಿಸಲಾಯಿತು. ಒಕ್ಕೂಟದ ನಿರ್ದೇಶಕರು ಮಾತನಾಡಿ ಗುಣಮಟ್ಟದ ಹಾಲು ಪೂರೈಸುವಂತೆ ರೈತರಿಗೆ ಸಲಹೆ ನೀಡಿದರು. ಹೈನುಗಾರಿಕೆಯಿಂದ ರೈತರ ಆರ್ಥಿಕ ಮಟ್ಟ ಸುಧಾರಿಸುತ್ತದೆ ಎಂದರು. ಸಭೆಯಲ್ಲಿ ಸಂಘದ ಉಪಾಧ್ಯಕ್ಷರು, ನಿರ್ದೇಶಕರು, ಕಾರ್ಯದರ್ಶಿ ಹಾಗೂ ಸದಸ್ಯರು ಭಾಗವಹಿಸಿದ್ದರು.
ಶಿಥಿಲಗೊಂಡಿರುವ ನವರಾತ್ರಿ ಮಂಟಪ: ತರಾಟೆ
ಬೇಲೂರು: ಐತಿಹಾಸಿಕ ಶ್ರೀ ಚನ್ನಕೇಶವ ದೇವಾಲಯದ ಆವರಣದಲ್ಲಿರುವ ನವರಾತ್ರಿ ಮಂಟಪ ಶಿಥಿಲಾವಸ್ಥೆ ತಲುಪಿದ್ದು, ಕೂಡಲೇ ದುರಸ್ತಿ ಮಾಡುವಂತೆ ಸಾರ್ವಜನಿಕರು ಒತ್ತಾಯಿಸಿದ್ದಾರೆ. ಪುರಾತತ್ವ ಇಲಾಖೆ ಅಧಿಕಾರಿಗಳ ನಿರ್ಲಕ್ಷ್ಯದಿಂದ ಮಂಟಪದ ಕಂಬಗಳು ಹಾಗೂ ಚಾವಣಿ ಬಿರುಕು ಬಿಟ್ಟಿವೆ. ದಸರಾ ಸಂದರ್ಭದಲ್ಲಿ ಭಕ್ತರು ಸೇರುವ ಸ್ಥಳವಾಗಿರುವುದರಿಂದ ಅನಾಹುತ ಸಂಭವಿಸುವ ಮುನ್ನ ಕ್ರಮ ಕೈಗೊಳ್ಳಬೇಕೆಂದು ಕರ್ನಾಟಕ ರಕ್ಷಣಾ ವೇದಿಕೆ ಪದಾಧಿಕಾರಿಗಳು ತರಾಟೆಗೆ ತೆಗೆದುಕೊಂಡರು. ಈ ಸಂಬಂಧ ಸ್ಥಳಕ್ಕೆ ಭೇಟಿ ನೀಡಿದ ಅಧಿಕಾರಿಗಳು ಶೀಘ್ರ ದುರಸ್ತಿ ಕಾರ್ಯ ಕೈಗೊಳ್ಳುವ ಭರವಸೆ ನೀಡಿದರು.
ಐತಿಹಾಸಿಕ ಶ್ರೀ ಚನ್ನಕೇಶವ ದೇವಾಲಯದ ಆವರಣದಲ್ಲಿರುವ ನವರಾತ್ರಿ ಮಂಟಪ ಶಿಥಿಲಾವಸ್ಥೆ ತಲುಪಿದ್ದು, ಕೂಡಲೇ ದುರಸ್ತಿ ಮಾಡುವಂತೆ ಸಾರ್ವಜನಿಕರು ಒತ್ತಾಯಿಸಿದ್ದಾರೆ. ಪುರಾತತ್ವ ಇಲಾಖೆ ಅಧಿಕಾರಿಗಳ ನಿರ್ಲಕ್ಷ್ಯದಿಂದ ಮಂಟಪದ ಕಂಬಗಳು ಹಾಗೂ ಚಾವಣಿ ಬಿರುಕು ಬಿಟ್ಟಿವೆ. ದಸರಾ ಸಂದರ್ಭದಲ್ಲಿ ಭಕ್ತರು ಸೇರುವ ಸ್ಥಳವಾಗಿರುವುದರಿಂದ ಅನಾಹುತ ಸಂಭವಿಸುವ ಮುನ್ನ ಕ್ರಮ ಕೈಗೊಳ್ಳಬೇಕೆಂದು ಕರ್ನಾಟಕ ರಕ್ಷಣಾ ವೇದಿಕೆ ಪದಾಧಿಕಾರಿಗಳು ತರಾಟೆಗೆ ತೆಗೆದುಕೊಂಡರು. ಈ ಸಂಬಂಧ ಸ್ಥಳಕ್ಕೆ ಭೇಟಿ ನೀಡಿದ ಅಧಿಕಾರಿಗಳು ಶೀಘ್ರ ದುರಸ್ತಿ ಕಾರ್ಯ ಕೈಗೊಳ್ಳುವ ಭರವಸೆ ನೀಡಿದರು. ಐತಿಹಾಸಿಕ ಶ್ರೀ ಚನ್ನಕೇಶವ ದೇವಾಲಯದ ಆವರಣದಲ್ಲಿರುವ ನವರಾತ್ರಿ ಮಂಟಪ ಶಿಥಿಲಾವಸ್ಥೆ ತಲುಪಿದ್ದು, ಕೂಡಲೇ ದುರಸ್ತಿ ಮಾಡುವಂತೆ ಸಾರ್ವಜನಿಕರು ಒತ್ತಾಯಿಸಿದ್ದಾರೆ. ಪುರಾತತ್ವ ಇಲಾಖೆ ಅಧಿಕಾರಿಗಳ ನಿರ್ಲಕ್ಷ್ಯದಿಂದ ಮಂಟಪದ ಕಂಬಗಳು ಹಾಗೂ ಚಾವಣಿ ಬಿರುಕು ಬಿಟ್ಟಿವೆ. ದಸರಾ ಸಂದರ್ಭದಲ್ಲಿ ಭಕ್ತರು ಸೇರುವ ಸ್ಥಳವಾಗಿರುವುದರಿಂದ ಅನಾಹುತ ಸಂಭವಿಸುವ ಮುನ್ನ ಕ್ರಮ ಕೈಗೊಳ್ಳಬೇಕೆಂದು ಕರ್ನಾಟಕ ರಕ್ಷಣಾ ವೇದಿಕೆ ಪದಾಧಿಕಾರಿಗಳು ತರಾಟೆಗೆ ತೆಗೆದುಕೊಂಡರು. ಈ ಸಂಬಂಧ ಸ್ಥಳಕ್ಕೆ ಭೇಟಿ ನೀಡಿದ ಅಧಿಕಾರಿಗಳು ಶೀಘ್ರ ದುರಸ್ತಿ ಕಾರ್ಯ ಕೈಗೊಳ್ಳುವ ಭರವಸೆ ನೀಡಿದರು.
